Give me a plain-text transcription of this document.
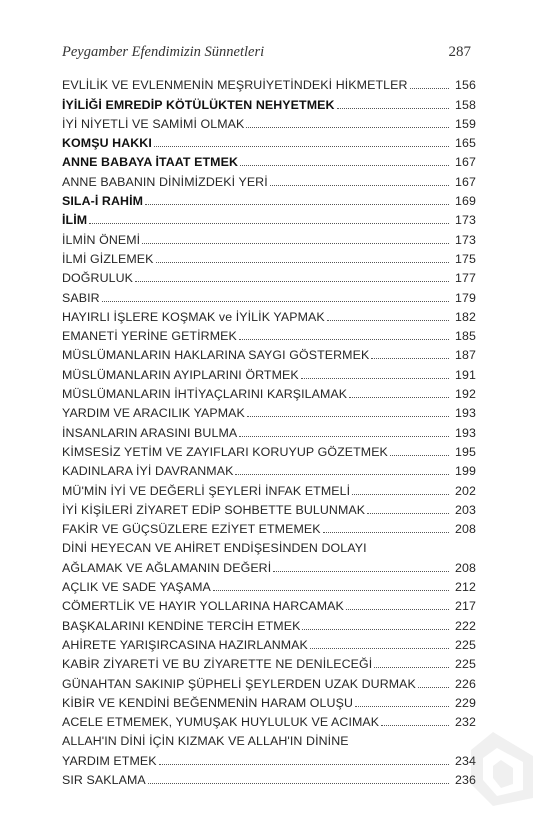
Peygamber Efendimizin Sünnetleri	287
EVLİLİK VE EVLENMENİN MEŞRUİYETİNDEKİ HİKMETLER	156
İYİLİĞİ EMREDİP KÖTÜLÜKTEN NEHYETMEK	158
İYİ NİYETLİ VE SAMİMİ OLMAK	159
KOMŞU HAKKI	165
ANNE BABAYA İTAAT ETMEK	167
ANNE BABANIN DİNİMİZDEKİ YERİ	167
SILA-İ RAHİM	169
İLİM	173
İLMİN ÖNEMİ	173
İLMİ GİZLEMEK	175
DOĞRULUK	177
SABIR	179
HAYIRLI İŞLERE KOŞMAK ve İYİLİK YAPMAK	182
EMANETİ YERİNE GETİRMEK	185
MÜSLÜMANLARIN HAKLARINA SAYGI GÖSTERMEK	187
MÜSLÜMANLARIN AYIPLARINI ÖRTMEK	191
MÜSLÜMANLARIN İHTİYAÇLARINI KARŞILAMAK	192
YARDIM VE ARACILIK YAPMAK	193
İNSANLARIN ARASINI BULMA	193
KİMSESİZ YETİM VE ZAYIFLARI KORUYUP GÖZETMEK	195
KADINLARA İYİ DAVRANMAK	199
MÜ'MİN İYİ VE DEĞERLİ ŞEYLERİ İNFAK ETMELİ	202
İYİ KİŞİLERİ ZİYARET EDİP SOHBETTE BULUNMAK	203
FAKİR VE GÜÇSÜZLERE EZİYET ETMEMEK	208
DİNİ HEYECAN VE AHİRET ENDİŞESİNDEN DOLAYI
AĞLAMAK VE AĞLAMANIN DEĞERİ	208
AÇLIK VE SADE YAŞAMA	212
CÖMERTLİK VE HAYIR YOLLARINA HARCAMAK	217
BAŞKALARINI KENDİNE TERCİH ETMEK	222
AHİRETE YARIŞIRCASINA HAZIRLANMAK	225
KABİR ZİYARETİ VE BU ZİYARETTE NE DENİLECEĞİ	225
GÜNAHTAN SAKINIP ŞÜPHELİ ŞEYLERDEN UZAK DURMAK	226
KİBİR VE KENDİNİ BEĞENMENİN HARAM OLUŞU	229
ACELE ETMEMEK, YUMUŞAK HUYLULUK VE ACIMAK	232
ALLAH'IN DİNİ İÇİN KIZMAK VE ALLAH'IN DİNİNE
YARDIM ETMEK	234
SIR SAKLAMA	236
